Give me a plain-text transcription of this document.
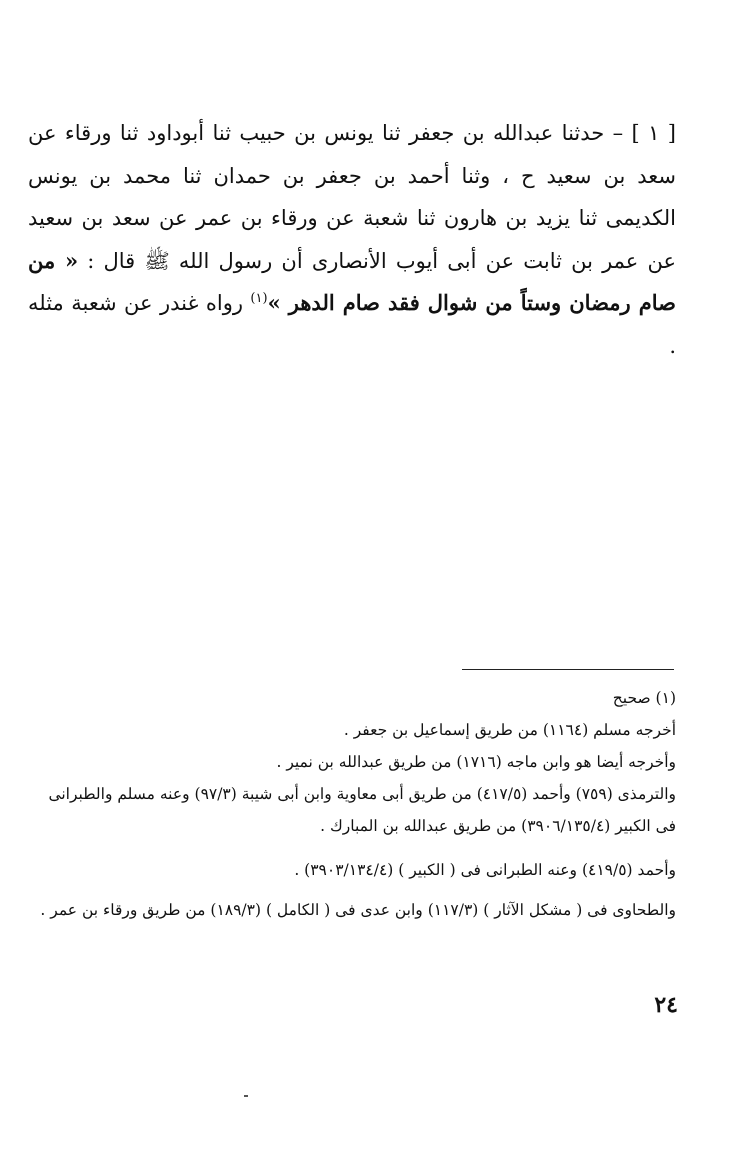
[ ١ ] – حدثنا عبدالله بن جعفر ثنا يونس بن حبيب ثنا أبوداود ثنا ورقاء عن سعد بن سعيد ح ، وثنا أحمد بن جعفر بن حمدان ثنا محمد بن يونس الكديمى ثنا يزيد بن هارون ثنا شعبة عن ورقاء بن عمر عن سعد بن سعيد عن عمر بن ثابت عن أبى أيوب الأنصارى أن رسول الله ﷺ قال : « من صام رمضان وستاً من شوال فقد صام الدهر »$^{(١)}$ رواه غندر عن شعبة مثله .

(١) صحيح

أخرجه مسلم (١١٦٤) من طريق إسماعيل بن جعفر .

وأخرجه أيضا هو وابن ماجه (١٧١٦) من طريق عبدالله بن نمير .

والترمذى (٧٥٩) وأحمد (٤١٧/٥) من طريق أبى معاوية وابن أبى شيبة (٩٧/٣) وعنه مسلم والطبرانى فى الكبير (٣٩٠٦/١٣٥/٤) من طريق عبدالله بن المبارك .

وأحمد (٤١٩/٥) وعنه الطبرانى فى ( الكبير ) (٣٩٠٣/١٣٤/٤) .

والطحاوى فى ( مشكل الآثار ) (١١٧/٣) وابن عدى فى ( الكامل ) (١٨٩/٣) من طريق ورقاء بن عمر .

٢٤
